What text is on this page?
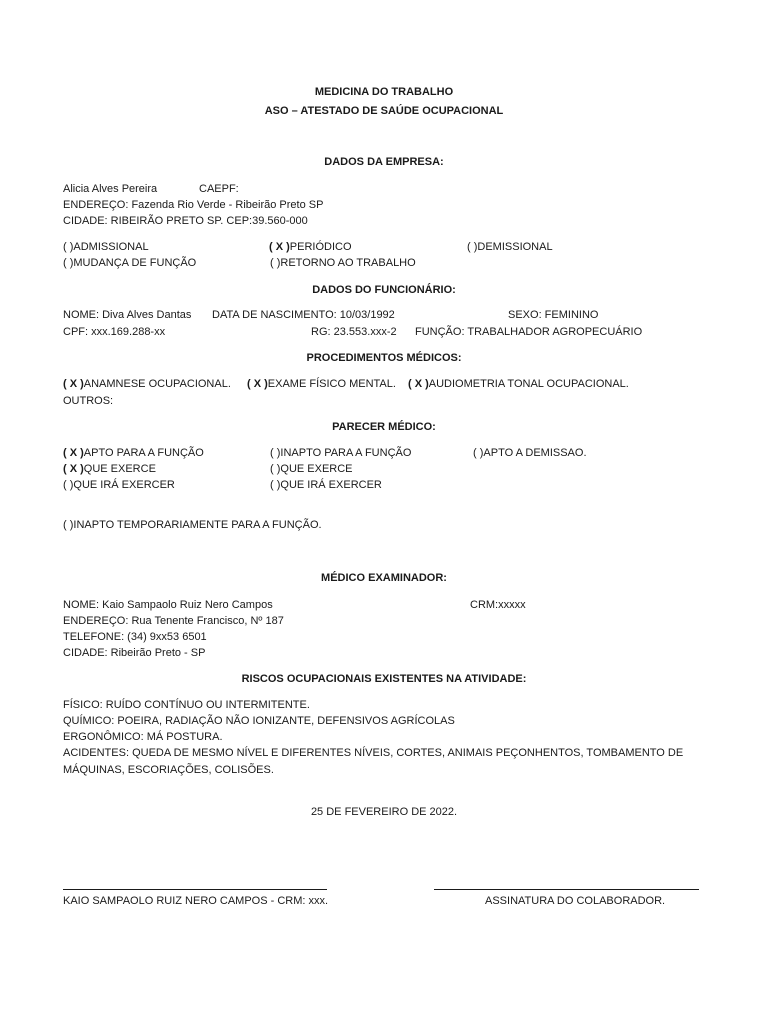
MEDICINA DO TRABALHO
ASO – ATESTADO DE SAÚDE OCUPACIONAL
DADOS DA EMPRESA:
Alicia Alves Pereira	CAEPF:
ENDEREÇO: Fazenda Rio Verde - Ribeirão Preto SP
CIDADE: RIBEIRÃO PRETO SP. CEP:39.560-000
( )ADMISSIONAL	( X )PERIÓDICO	( )DEMISSIONAL
( )MUDANÇA DE FUNÇÃO	( )RETORNO AO TRABALHO
DADOS DO FUNCIONÁRIO:
NOME: Diva Alves Dantas DATA DE NASCIMENTO: 10/03/1992	SEXO: FEMININO
CPF: xxx.169.288-xx	RG: 23.553.xxx-2 FUNÇÃO: TRABALHADOR AGROPECUÁRIO
PROCEDIMENTOS MÉDICOS:
( X )ANAMNESE OCUPACIONAL. ( X )EXAME FÍSICO MENTAL. ( X )AUDIOMETRIA TONAL OCUPACIONAL.
OUTROS:
PARECER MÉDICO:
( X )APTO PARA A FUNÇÃO	( )INAPTO PARA A FUNÇÃO	( )APTO A DEMISSAO.
( X )QUE EXERCE	( )QUE EXERCE
( )QUE IRÁ EXERCER	( )QUE IRÁ EXERCER
( )INAPTO TEMPORARIAMENTE PARA A FUNÇÃO.
MÉDICO EXAMINADOR:
NOME: Kaio Sampaolo Ruiz Nero Campos	CRM:xxxxx
ENDEREÇO: Rua Tenente Francisco, Nº 187
TELEFONE: (34) 9xx53 6501
CIDADE: Ribeirão Preto - SP
RISCOS OCUPACIONAIS EXISTENTES NA ATIVIDADE:
FÍSICO: RUÍDO CONTÍNUO OU INTERMITENTE.
QUÍMICO: POEIRA, RADIAÇÃO NÃO IONIZANTE, DEFENSIVOS AGRÍCOLAS
ERGONÔMICO: MÁ POSTURA.
ACIDENTES: QUEDA DE MESMO NÍVEL E DIFERENTES NÍVEIS, CORTES, ANIMAIS PEÇONHENTOS, TOMBAMENTO DE
MÁQUINAS, ESCORIAÇÕES, COLISÕES.
25 DE FEVEREIRO DE 2022.
KAIO SAMPAOLO RUIZ NERO CAMPOS - CRM: xxx.	ASSINATURA DO COLABORADOR.
